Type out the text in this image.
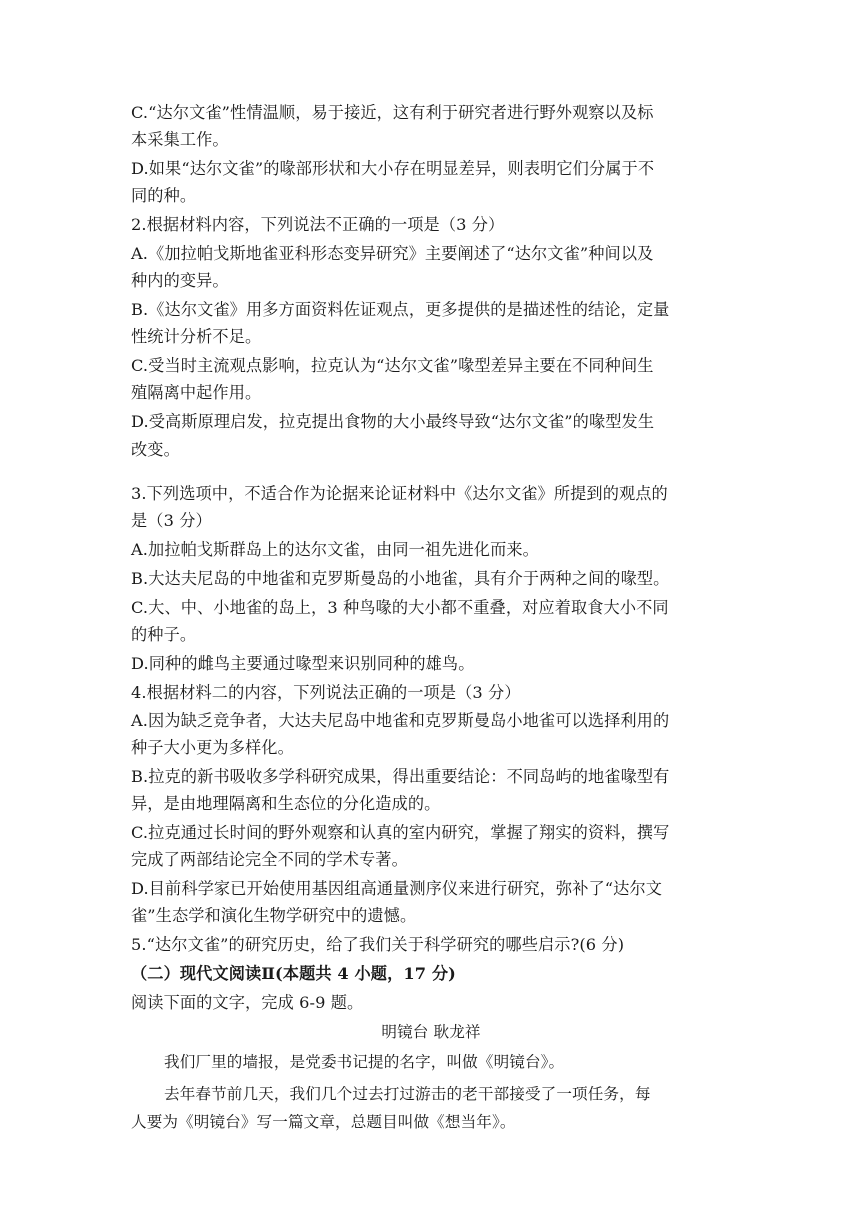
C.“达尔文雀”性情温顺，易于接近，这有利于研究者进行野外观察以及标
本采集工作。
D.如果“达尔文雀”的喙部形状和大小存在明显差异，则表明它们分属于不
同的种。
2.根据材料内容，下列说法不正确的一项是（3 分）
A.《加拉帕戈斯地雀亚科形态变异研究》主要阐述了“达尔文雀”种间以及
种内的变异。
B.《达尔文雀》用多方面资料佐证观点，更多提供的是描述性的结论，定量
性统计分析不足。
C.受当时主流观点影响，拉克认为“达尔文雀”喙型差异主要在不同种间生
殖隔离中起作用。
D.受高斯原理启发，拉克提出食物的大小最终导致“达尔文雀”的喙型发生
改变。
3.下列选项中，不适合作为论据来论证材料中《达尔文雀》所提到的观点的
是（3 分）
A.加拉帕戈斯群岛上的达尔文雀，由同一祖先进化而来。
B.大达夫尼岛的中地雀和克罗斯曼岛的小地雀，具有介于两种之间的喙型。
C.大、中、小地雀的岛上，3 种鸟喙的大小都不重叠，对应着取食大小不同
的种子。
D.同种的雌鸟主要通过喙型来识别同种的雄鸟。
4.根据材料二的内容，下列说法正确的一项是（3 分）
A.因为缺乏竞争者，大达夫尼岛中地雀和克罗斯曼岛小地雀可以选择利用的
种子大小更为多样化。
B.拉克的新书吸收多学科研究成果，得出重要结论：不同岛屿的地雀喙型有
异，是由地理隔离和生态位的分化造成的。
C.拉克通过长时间的野外观察和认真的室内研究，掌握了翔实的资料，撰写
完成了两部结论完全不同的学术专著。
D.目前科学家已开始使用基因组高通量测序仪来进行研究，弥补了“达尔文
雀”生态学和演化生物学研究中的遗憾。
5.“达尔文雀”的研究历史，给了我们关于科学研究的哪些启示?(6 分)
（二）现代文阅读Ⅱ(本题共 4 小题，17 分)
阅读下面的文字，完成 6-9 题。
明镜台 耿龙祥
我们厂里的墙报，是党委书记提的名字，叫做《明镜台》。
去年春节前几天，我们几个过去打过游击的老干部接受了一项任务，每
人要为《明镜台》写一篇文章，总题目叫做《想当年》。
